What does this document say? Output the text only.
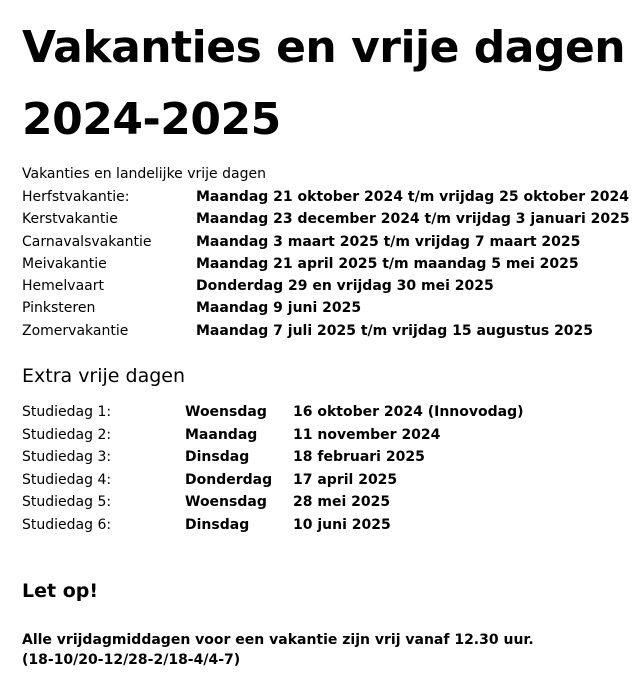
Vakanties en vrije dagen
2024-2025
Vakanties en landelijke vrije dagen
Herfstvakantie:	Maandag 21 oktober 2024 t/m vrijdag 25 oktober 2024
Kerstvakantie	Maandag 23 december 2024 t/m vrijdag 3 januari 2025
Carnavalsvakantie	Maandag 3 maart 2025 t/m vrijdag 7 maart 2025
Meivakantie	Maandag 21 april 2025 t/m maandag 5 mei 2025
Hemelvaart	Donderdag 29 en vrijdag 30 mei 2025
Pinksteren	Maandag 9 juni 2025
Zomervakantie	Maandag 7 juli 2025 t/m vrijdag 15 augustus 2025
Extra vrije dagen
Studiedag 1:	Woensdag	16 oktober 2024 (Innovodag)
Studiedag 2:	Maandag	11 november 2024
Studiedag 3:	Dinsdag	18 februari 2025
Studiedag 4:	Donderdag	17 april 2025
Studiedag 5:	Woensdag	28 mei 2025
Studiedag 6:	Dinsdag	10 juni 2025
Let op!
Alle vrijdagmiddagen voor een vakantie zijn vrij vanaf 12.30 uur.
(18-10/20-12/28-2/18-4/4-7)
